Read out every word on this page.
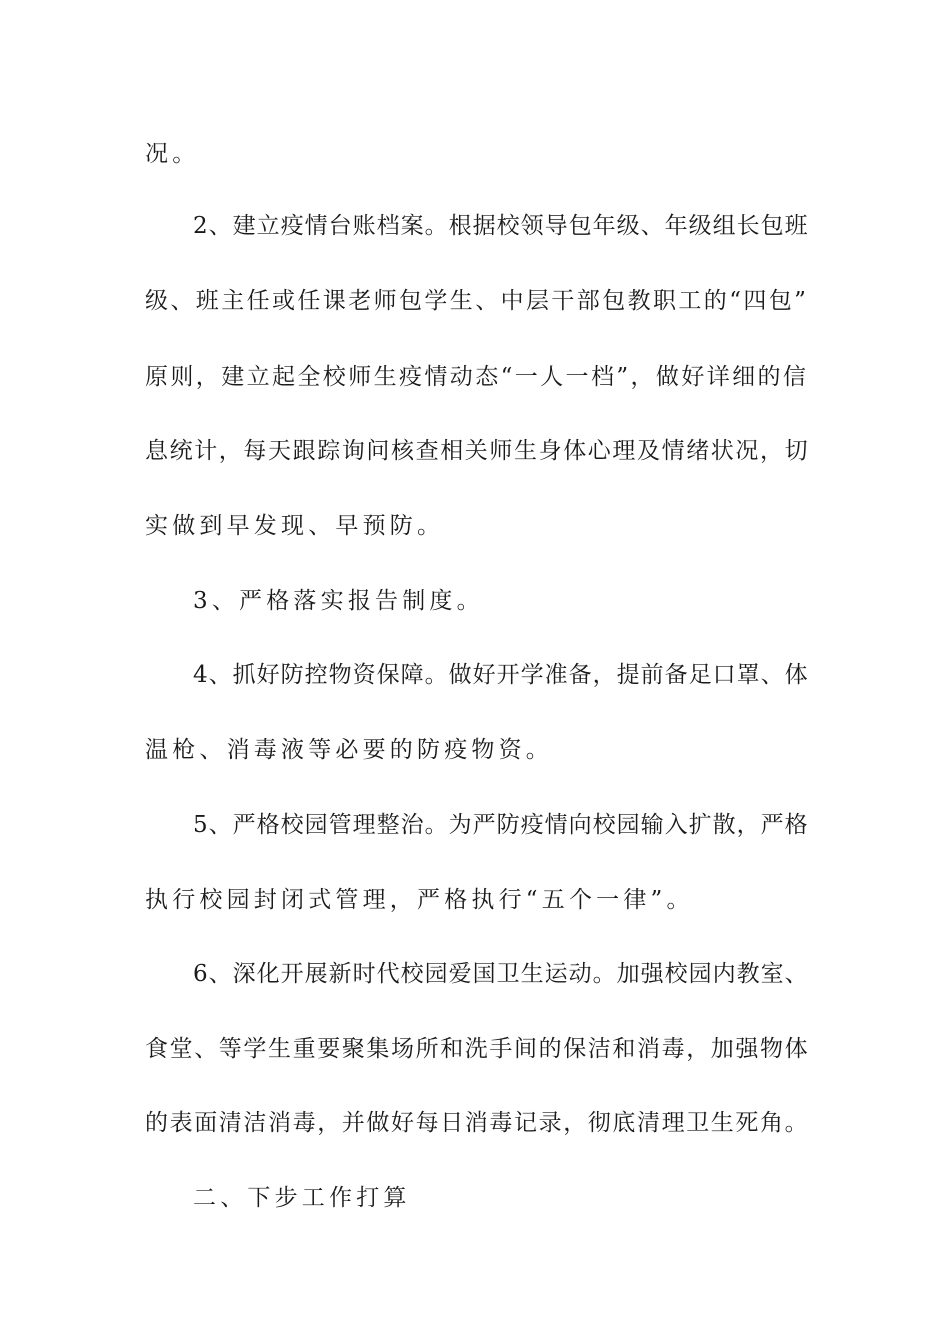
况。
2、建立疫情台账档案。根据校领导包年级、年级组长包班
级、班主任或任课老师包学生、中层干部包教职工的“四包”
原则，建立起全校师生疫情动态“一人一档”，做好详细的信
息统计，每天跟踪询问核查相关师生身体心理及情绪状况，切
实做到早发现、早预防。
3、严格落实报告制度。
4、抓好防控物资保障。做好开学准备，提前备足口罩、体
温枪、消毒液等必要的防疫物资。
5、严格校园管理整治。为严防疫情向校园输入扩散，严格
执行校园封闭式管理，严格执行“五个一律”。
6、深化开展新时代校园爱国卫生运动。加强校园内教室、
食堂、等学生重要聚集场所和洗手间的保洁和消毒，加强物体
的表面清洁消毒，并做好每日消毒记录，彻底清理卫生死角。
二、下步工作打算
